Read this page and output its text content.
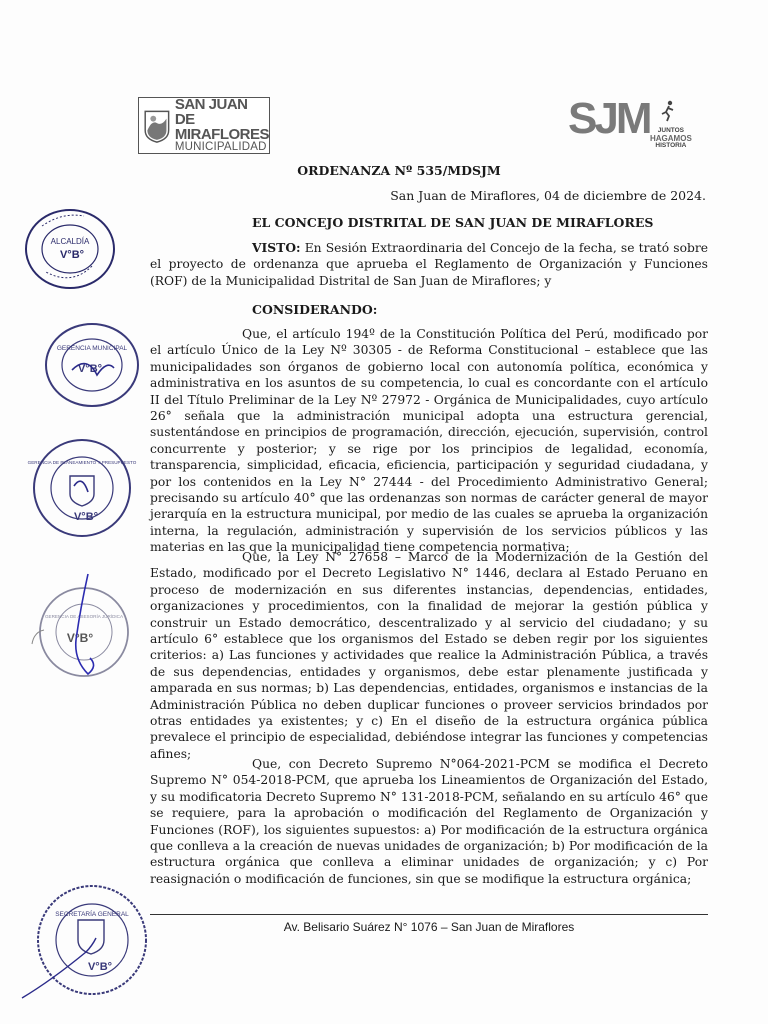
SAN JUAN DE
MIRAFLORES
MUNICIPALIDAD
SJM	JUNTOS
HAGAMOS
HISTORIA
ORDENANZA Nº 535/MDSJM
San Juan de Miraflores, 04 de diciembre de 2024.
EL CONCEJO DISTRITAL DE SAN JUAN DE MIRAFLORES
VISTO: En Sesión Extraordinaria del Concejo de la fecha, se trató sobre el proyecto de ordenanza que aprueba el Reglamento de Organización y Funciones (ROF) de la Municipalidad Distrital de San Juan de Miraflores; y
CONSIDERANDO:
Que, el artículo 194º de la Constitución Política del Perú, modificado por el artículo Único de la Ley Nº 30305 - de Reforma Constitucional – establece que las municipalidades son órganos de gobierno local con autonomía política, económica y administrativa en los asuntos de su competencia, lo cual es concordante con el artículo II del Título Preliminar de la Ley Nº 27972 - Orgánica de Municipalidades, cuyo artículo 26° señala que la administración municipal adopta una estructura gerencial, sustentándose en principios de programación, dirección, ejecución, supervisión, control concurrente y posterior; y se rige por los principios de legalidad, economía, transparencia, simplicidad, eficacia, eficiencia, participación y seguridad ciudadana, y por los contenidos en la Ley N° 27444 - del Procedimiento Administrativo General; precisando su artículo 40° que las ordenanzas son normas de carácter general de mayor jerarquía en la estructura municipal, por medio de las cuales se aprueba la organización interna, la regulación, administración y supervisión de los servicios públicos y las materias en las que la municipalidad tiene competencia normativa;
Que, la Ley N° 27658 – Marco de la Modernización de la Gestión del Estado, modificado por el Decreto Legislativo N° 1446, declara al Estado Peruano en proceso de modernización en sus diferentes instancias, dependencias, entidades, organizaciones y procedimientos, con la finalidad de mejorar la gestión pública y construir un Estado democrático, descentralizado y al servicio del ciudadano; y su artículo 6° establece que los organismos del Estado se deben regir por los siguientes criterios: a) Las funciones y actividades que realice la Administración Pública, a través de sus dependencias, entidades y organismos, debe estar plenamente justificada y amparada en sus normas; b) Las dependencias, entidades, organismos e instancias de la Administración Pública no deben duplicar funciones o proveer servicios brindados por otras entidades ya existentes; y c) En el diseño de la estructura orgánica pública prevalece el principio de especialidad, debiéndose integrar las funciones y competencias afines;
Que, con Decreto Supremo N°064-2021-PCM se modifica el Decreto Supremo N° 054-2018-PCM, que aprueba los Lineamientos de Organización del Estado, y su modificatoria Decreto Supremo N° 131-2018-PCM, señalando en su artículo 46° que se requiere, para la aprobación o modificación del Reglamento de Organización y Funciones (ROF), los siguientes supuestos: a) Por modificación de la estructura orgánica que conlleva a la creación de nuevas unidades de organización; b) Por modificación de la estructura orgánica que conlleva a eliminar unidades de organización; y c) Por reasignación o modificación de funciones, sin que se modifique la estructura orgánica;
Av. Belisario Suárez N° 1076 – San Juan de Miraflores
ALCALDÍA
V°B°
GERENCIA MUNICIPAL
V°B°
GERENCIA DE PLANEAMIENTO Y PRESUPUESTO
V°B°
GERENCIA DE ASESORÍA JURÍDICA
V°B°
SECRETARÍA GENERAL
V°B°
